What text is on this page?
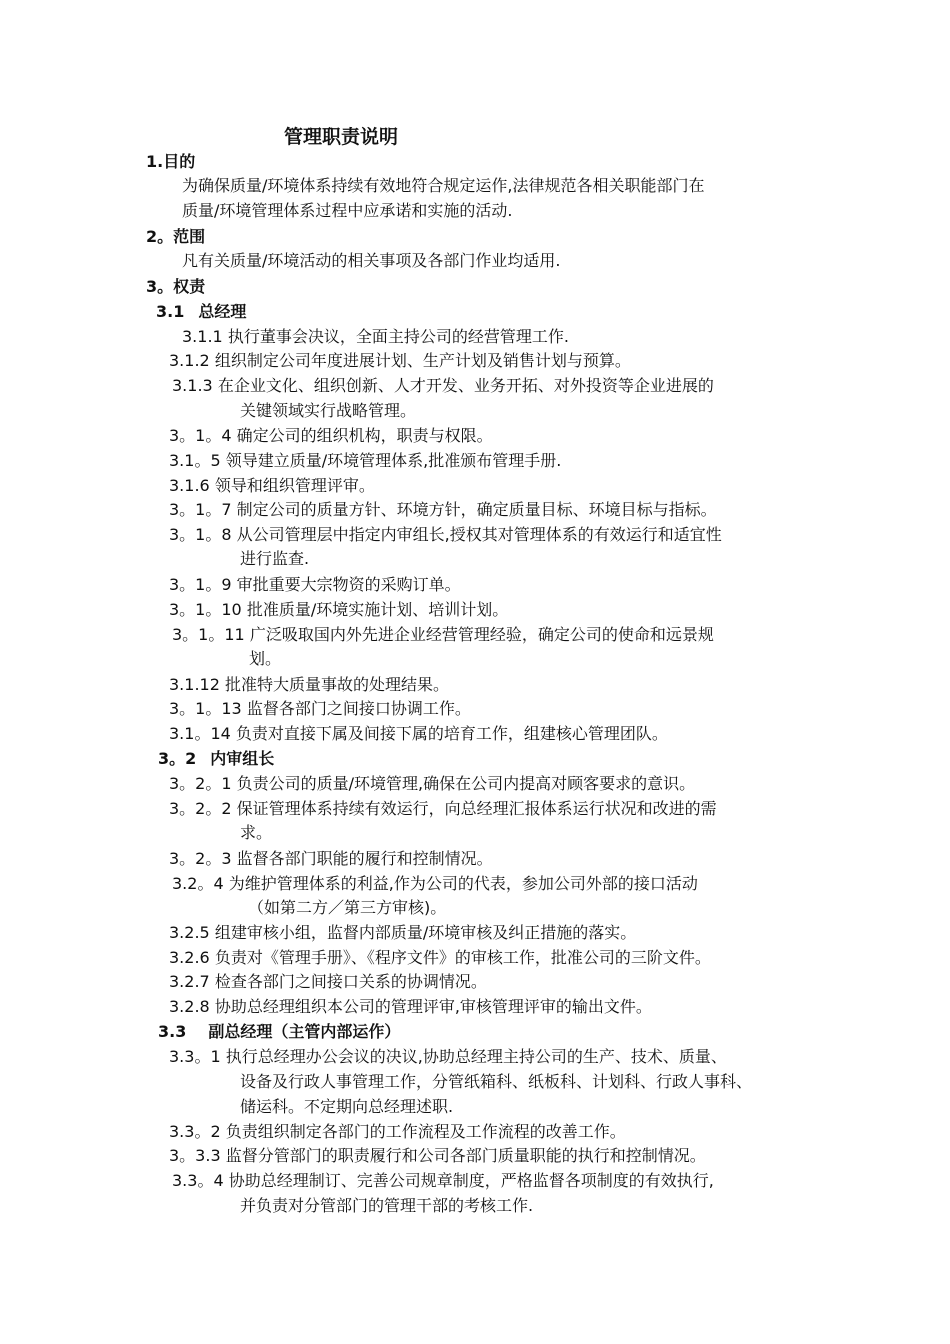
管理职责说明
1.目的
为确保质量/环境体系持续有效地符合规定运作,法律规范各相关职能部门在
质量/环境管理体系过程中应承诺和实施的活动.
2。范围
凡有关质量/环境活动的相关事项及各部门作业均适用.
3。权责
3.1 总经理
3.1.1 执行董事会决议，全面主持公司的经营管理工作.
3.1.2 组织制定公司年度进展计划、生产计划及销售计划与预算。
3.1.3 在企业文化、组织创新、人才开发、业务开拓、对外投资等企业进展的
关键领域实行战略管理。
3。1。4 确定公司的组织机构，职责与权限。
3.1。5 领导建立质量/环境管理体系,批准颁布管理手册.
3.1.6 领导和组织管理评审。
3。1。7 制定公司的质量方针、环境方针，确定质量目标、环境目标与指标。
3。1。8 从公司管理层中指定内审组长,授权其对管理体系的有效运行和适宜性
进行监查.
3。1。9 审批重要大宗物资的采购订单。
3。1。10 批准质量/环境实施计划、培训计划。
3。1。11 广泛吸取国内外先进企业经营管理经验，确定公司的使命和远景规
划。
3.1.12 批准特大质量事故的处理结果。
3。1。13 监督各部门之间接口协调工作。
3.1。14 负责对直接下属及间接下属的培育工作，组建核心管理团队。
3。2 内审组长
3。2。1 负责公司的质量/环境管理,确保在公司内提高对顾客要求的意识。
3。2。2 保证管理体系持续有效运行，向总经理汇报体系运行状况和改进的需
求。
3。2。3 监督各部门职能的履行和控制情况。
3.2。4 为维护管理体系的利益,作为公司的代表，参加公司外部的接口活动
（如第二方／第三方审核)。
3.2.5 组建审核小组，监督内部质量/环境审核及纠正措施的落实。
3.2.6 负责对《管理手册》、《程序文件》的审核工作，批准公司的三阶文件。
3.2.7 检查各部门之间接口关系的协调情况。
3.2.8 协助总经理组织本公司的管理评审,审核管理评审的输出文件。
3.3 副总经理（主管内部运作）
3.3。1 执行总经理办公会议的决议,协助总经理主持公司的生产、技术、质量、
设备及行政人事管理工作，分管纸箱科、纸板科、计划科、行政人事科、
储运科。不定期向总经理述职.
3.3。2 负责组织制定各部门的工作流程及工作流程的改善工作。
3。3.3 监督分管部门的职责履行和公司各部门质量职能的执行和控制情况。
3.3。4 协助总经理制订、完善公司规章制度，严格监督各项制度的有效执行,
并负责对分管部门的管理干部的考核工作.
